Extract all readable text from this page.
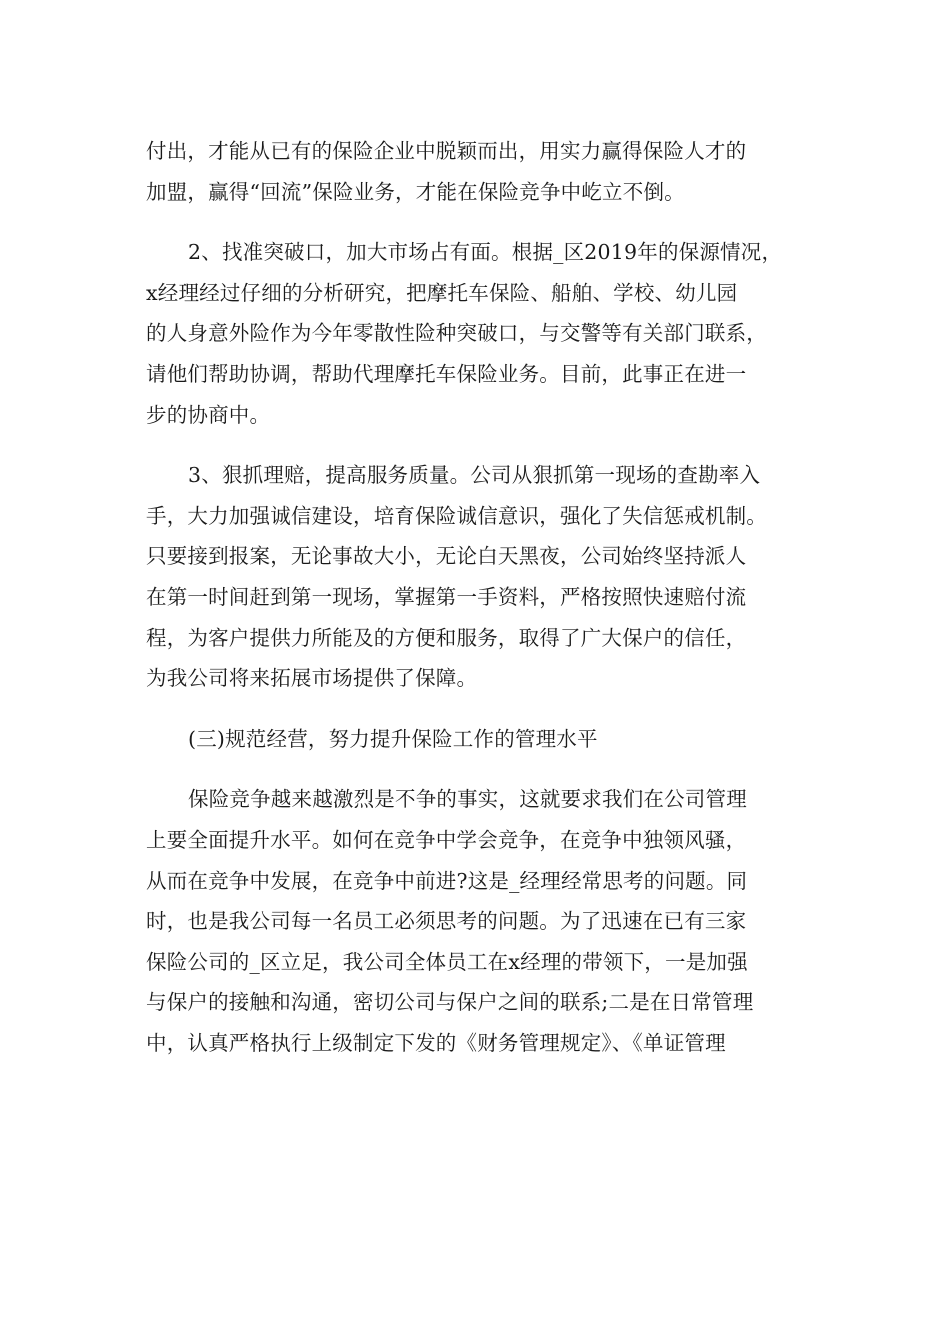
付出，才能从已有的保险企业中脱颖而出，用实力赢得保险人才的
加盟，赢得“回流”保险业务，才能在保险竞争中屹立不倒。
2、找准突破口，加大市场占有面。根据_区2019年的保源情况，
x经理经过仔细的分析研究，把摩托车保险、船舶、学校、幼儿园
的人身意外险作为今年零散性险种突破口，与交警等有关部门联系，
请他们帮助协调，帮助代理摩托车保险业务。目前，此事正在进一
步的协商中。
3、狠抓理赔，提高服务质量。公司从狠抓第一现场的查勘率入
手，大力加强诚信建设，培育保险诚信意识，强化了失信惩戒机制。
只要接到报案，无论事故大小，无论白天黑夜，公司始终坚持派人
在第一时间赶到第一现场，掌握第一手资料，严格按照快速赔付流
程，为客户提供力所能及的方便和服务，取得了广大保户的信任，
为我公司将来拓展市场提供了保障。
(三)规范经营，努力提升保险工作的管理水平
保险竞争越来越激烈是不争的事实，这就要求我们在公司管理
上要全面提升水平。如何在竞争中学会竞争，在竞争中独领风骚，
从而在竞争中发展，在竞争中前进?这是_经理经常思考的问题。同
时，也是我公司每一名员工必须思考的问题。为了迅速在已有三家
保险公司的_区立足，我公司全体员工在x经理的带领下，一是加强
与保户的接触和沟通，密切公司与保户之间的联系;二是在日常管理
中，认真严格执行上级制定下发的《财务管理规定》、《单证管理
